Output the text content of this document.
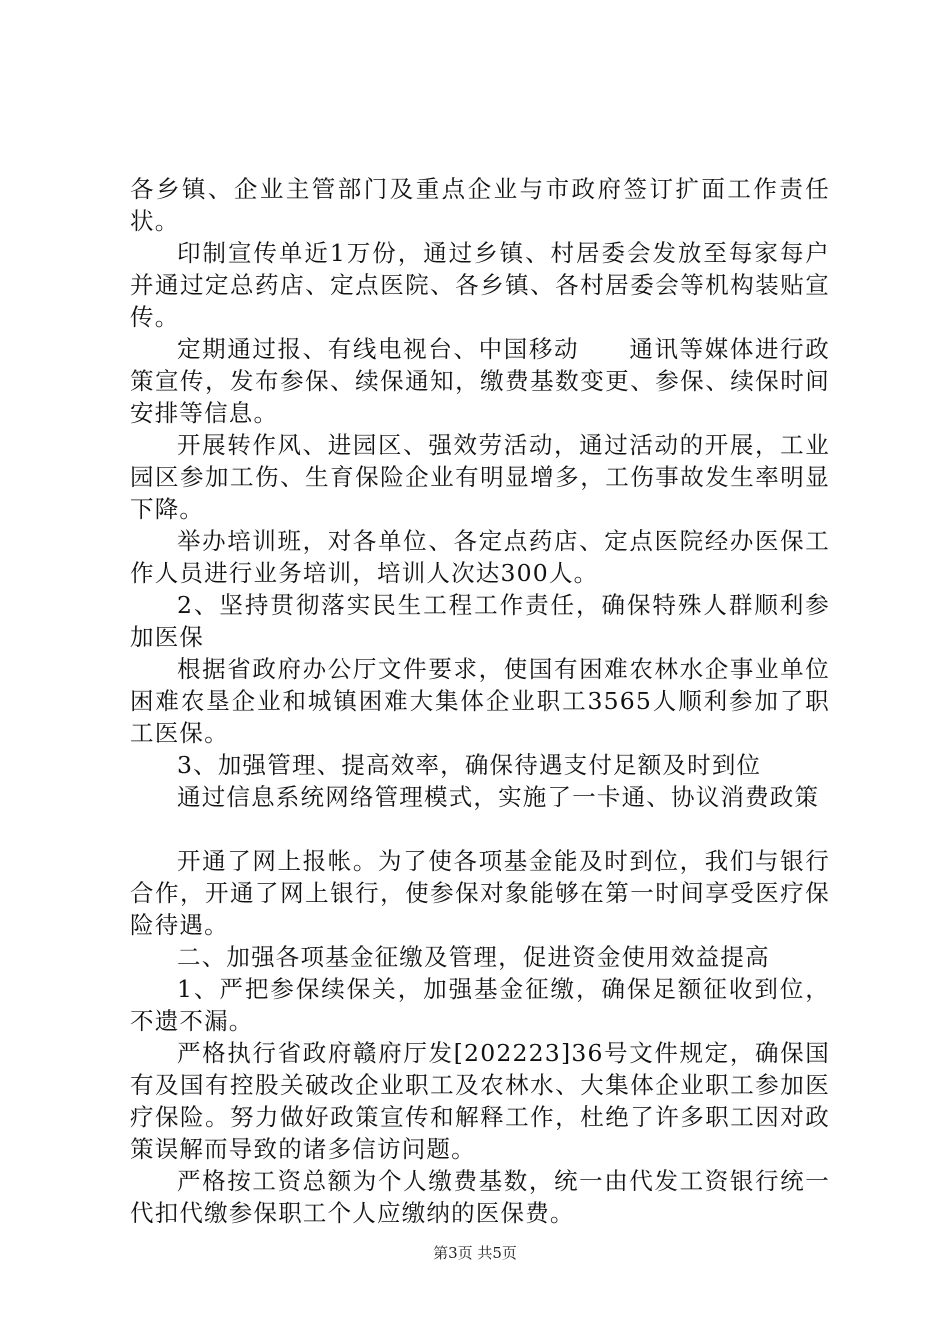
各乡镇、企业主管部门及重点企业与市政府签订扩面工作责任状。

印制宣传单近1万份，通过乡镇、村居委会发放至每家每户并通过定总药店、定点医院、各乡镇、各村居委会等机构装贴宣传。

定期通过报、有线电视台、中国移动　　通讯等媒体进行政策宣传，发布参保、续保通知，缴费基数变更、参保、续保时间安排等信息。

开展转作风、进园区、强效劳活动，通过活动的开展，工业园区参加工伤、生育保险企业有明显增多，工伤事故发生率明显下降。

举办培训班，对各单位、各定点药店、定点医院经办医保工作人员进行业务培训，培训人次达300人。

2、坚持贯彻落实民生工程工作责任，确保特殊人群顺利参加医保

根据省政府办公厅文件要求，使国有困难农林水企事业单位困难农垦企业和城镇困难大集体企业职工3565人顺利参加了职工医保。

3、加强管理、提高效率，确保待遇支付足额及时到位

通过信息系统网络管理模式，实施了一卡通、协议消费政策

开通了网上报帐。为了使各项基金能及时到位，我们与银行合作，开通了网上银行，使参保对象能够在第一时间享受医疗保险待遇。

二、加强各项基金征缴及管理，促进资金使用效益提高

1、严把参保续保关，加强基金征缴，确保足额征收到位，不遗不漏。

严格执行省政府赣府厅发[202223]36号文件规定，确保国有及国有控股关破改企业职工及农林水、大集体企业职工参加医疗保险。努力做好政策宣传和解释工作，杜绝了许多职工因对政策误解而导致的诸多信访问题。

严格按工资总额为个人缴费基数，统一由代发工资银行统一代扣代缴参保职工个人应缴纳的医保费。

第3页 共5页
